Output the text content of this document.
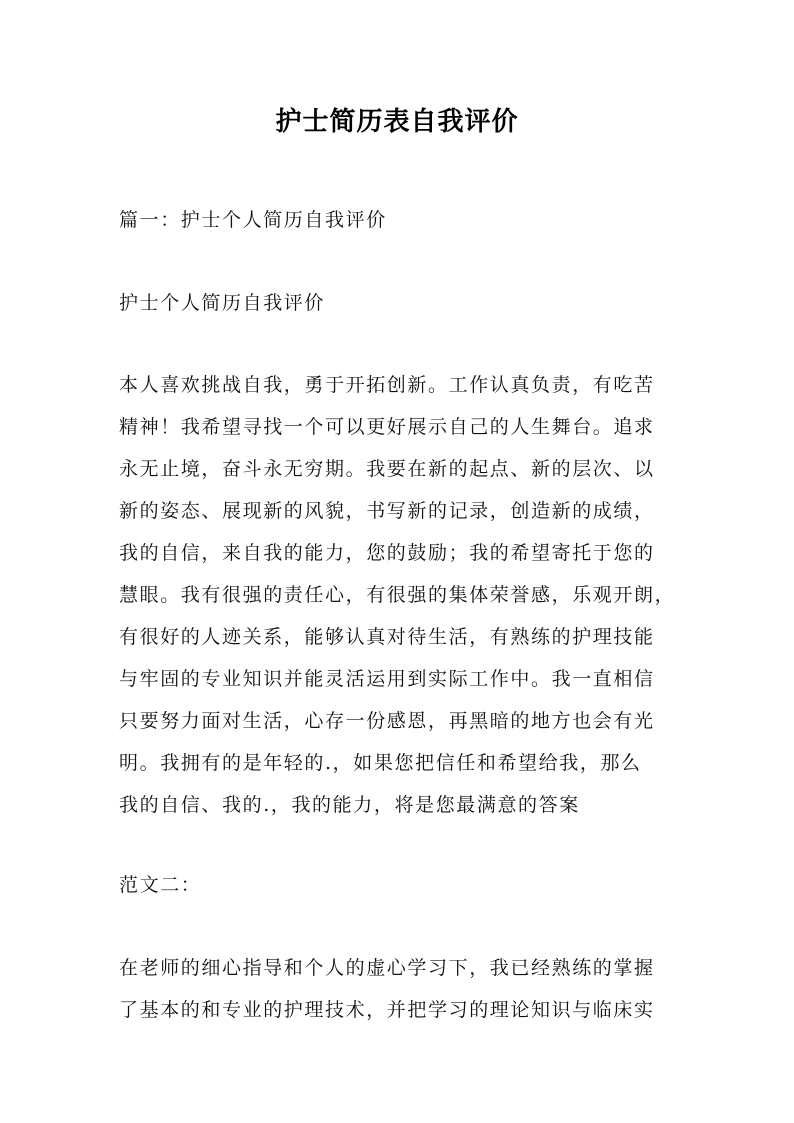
护士简历表自我评价
篇一：护士个人简历自我评价
护士个人简历自我评价
本人喜欢挑战自我，勇于开拓创新。工作认真负责，有吃苦
精神！我希望寻找一个可以更好展示自己的人生舞台。追求
永无止境，奋斗永无穷期。我要在新的起点、新的层次、以
新的姿态、展现新的风貌，书写新的记录，创造新的成绩，
我的自信，来自我的能力，您的鼓励；我的希望寄托于您的
慧眼。我有很强的责任心，有很强的集体荣誉感，乐观开朗，
有很好的人迹关系，能够认真对待生活，有熟练的护理技能
与牢固的专业知识并能灵活运用到实际工作中。我一直相信
只要努力面对生活，心存一份感恩，再黑暗的地方也会有光
明。我拥有的是年轻的.，如果您把信任和希望给我，那么
我的自信、我的.，我的能力，将是您最满意的答案
范文二：
在老师的细心指导和个人的虚心学习下，我已经熟练的掌握
了基本的和专业的护理技术，并把学习的理论知识与临床实
